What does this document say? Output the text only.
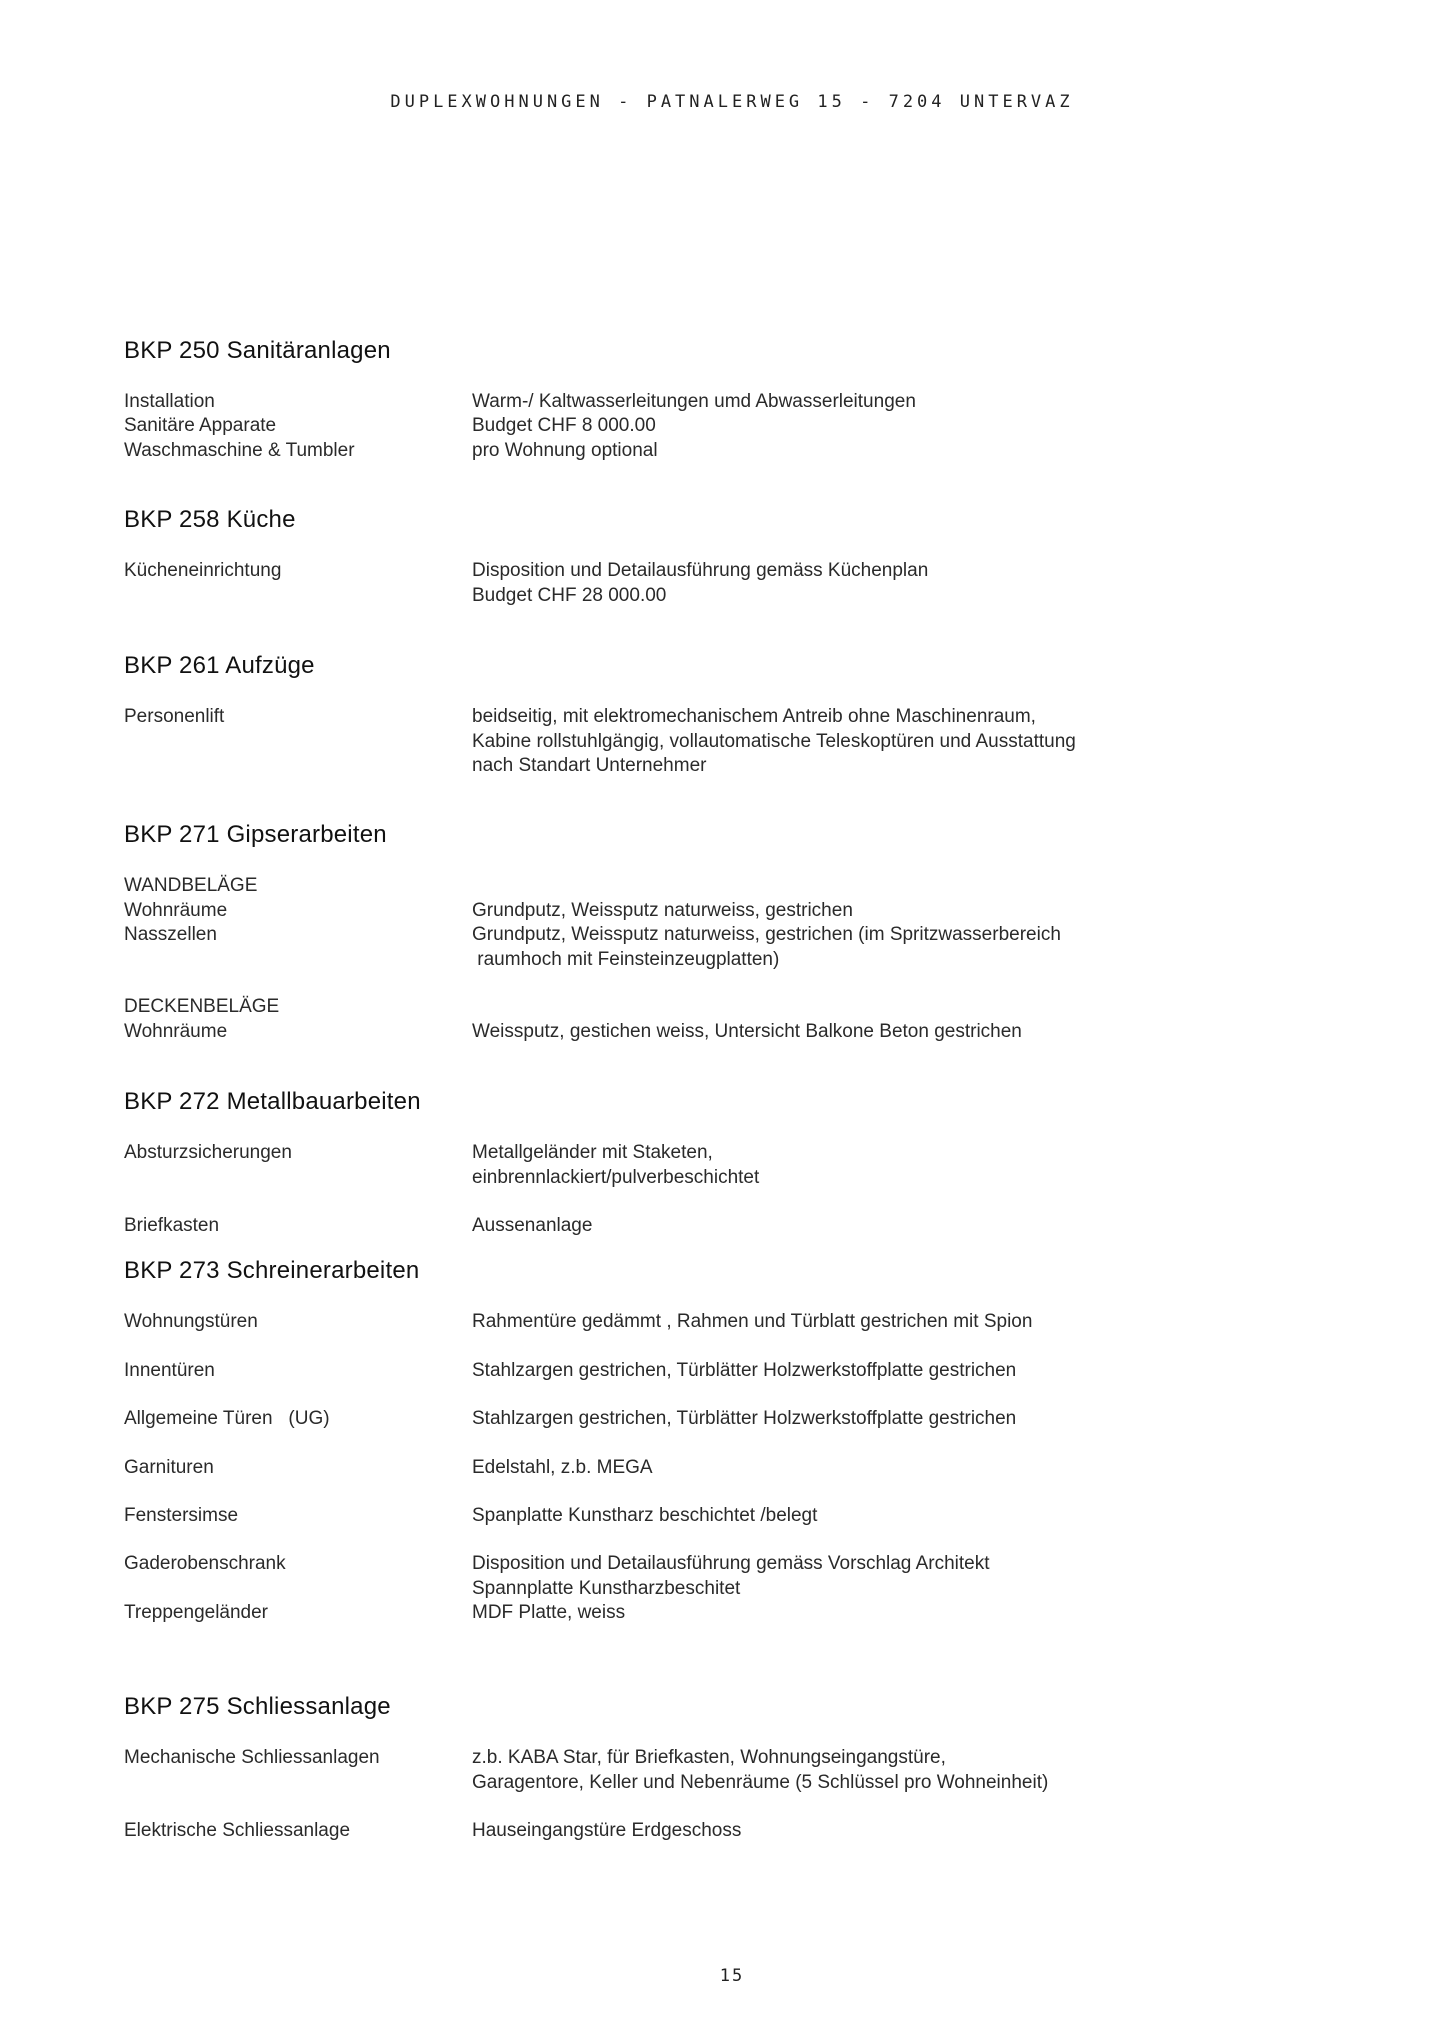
DUPLEXWOHNUNGEN - PATNALERWEG 15 - 7204 UNTERVAZ
BKP 250 Sanitäranlagen
Installation	Warm-/ Kaltwasserleitungen umd Abwasserleitungen
Sanitäre Apparate	Budget CHF 8 000.00
Waschmaschine & Tumbler	pro Wohnung optional
BKP 258 Küche
Kücheneinrichtung	Disposition und Detailausführung gemäss Küchenplan
Budget CHF 28 000.00
BKP 261 Aufzüge
Personenlift	beidseitig, mit elektromechanischem Antreib ohne Maschinenraum,
Kabine rollstuhlgängig, vollautomatische Teleskoptüren und Ausstattung
nach Standart Unternehmer
BKP 271 Gipserarbeiten
WANDBELÄGE
Wohnräume	Grundputz, Weissputz naturweiss, gestrichen
Nasszellen	Grundputz, Weissputz naturweiss, gestrichen (im Spritzwasserbereich
raumhoch mit Feinsteinzeugplatten)
DECKENBELÄGE
Wohnräume	Weissputz, gestichen weiss, Untersicht Balkone Beton gestrichen
BKP 272 Metallbauarbeiten
Absturzsicherungen	Metallgeländer mit Staketen,
einbrennlackiert/pulverbeschichtet
Briefkasten	Aussenanlage
BKP 273 Schreinerarbeiten
Wohnungstüren	Rahmentüre gedämmt , Rahmen und Türblatt gestrichen mit Spion
Innentüren	Stahlzargen gestrichen, Türblätter Holzwerkstoffplatte gestrichen
Allgemeine Türen   (UG)	Stahlzargen gestrichen, Türblätter Holzwerkstoffplatte gestrichen
Garnituren	Edelstahl, z.b. MEGA
Fenstersimse	Spanplatte Kunstharz beschichtet /belegt
Gaderobenschrank	Disposition und Detailausführung gemäss Vorschlag Architekt
Spannplatte Kunstharzbeschitet
Treppengeländer	MDF Platte, weiss
BKP 275 Schliessanlage
Mechanische Schliessanlagen	z.b. KABA Star, für Briefkasten, Wohnungseingangstüre,
Garagentore, Keller und Nebenräume (5 Schlüssel pro Wohneinheit)
Elektrische Schliessanlage	Hauseingangstüre Erdgeschoss
15
